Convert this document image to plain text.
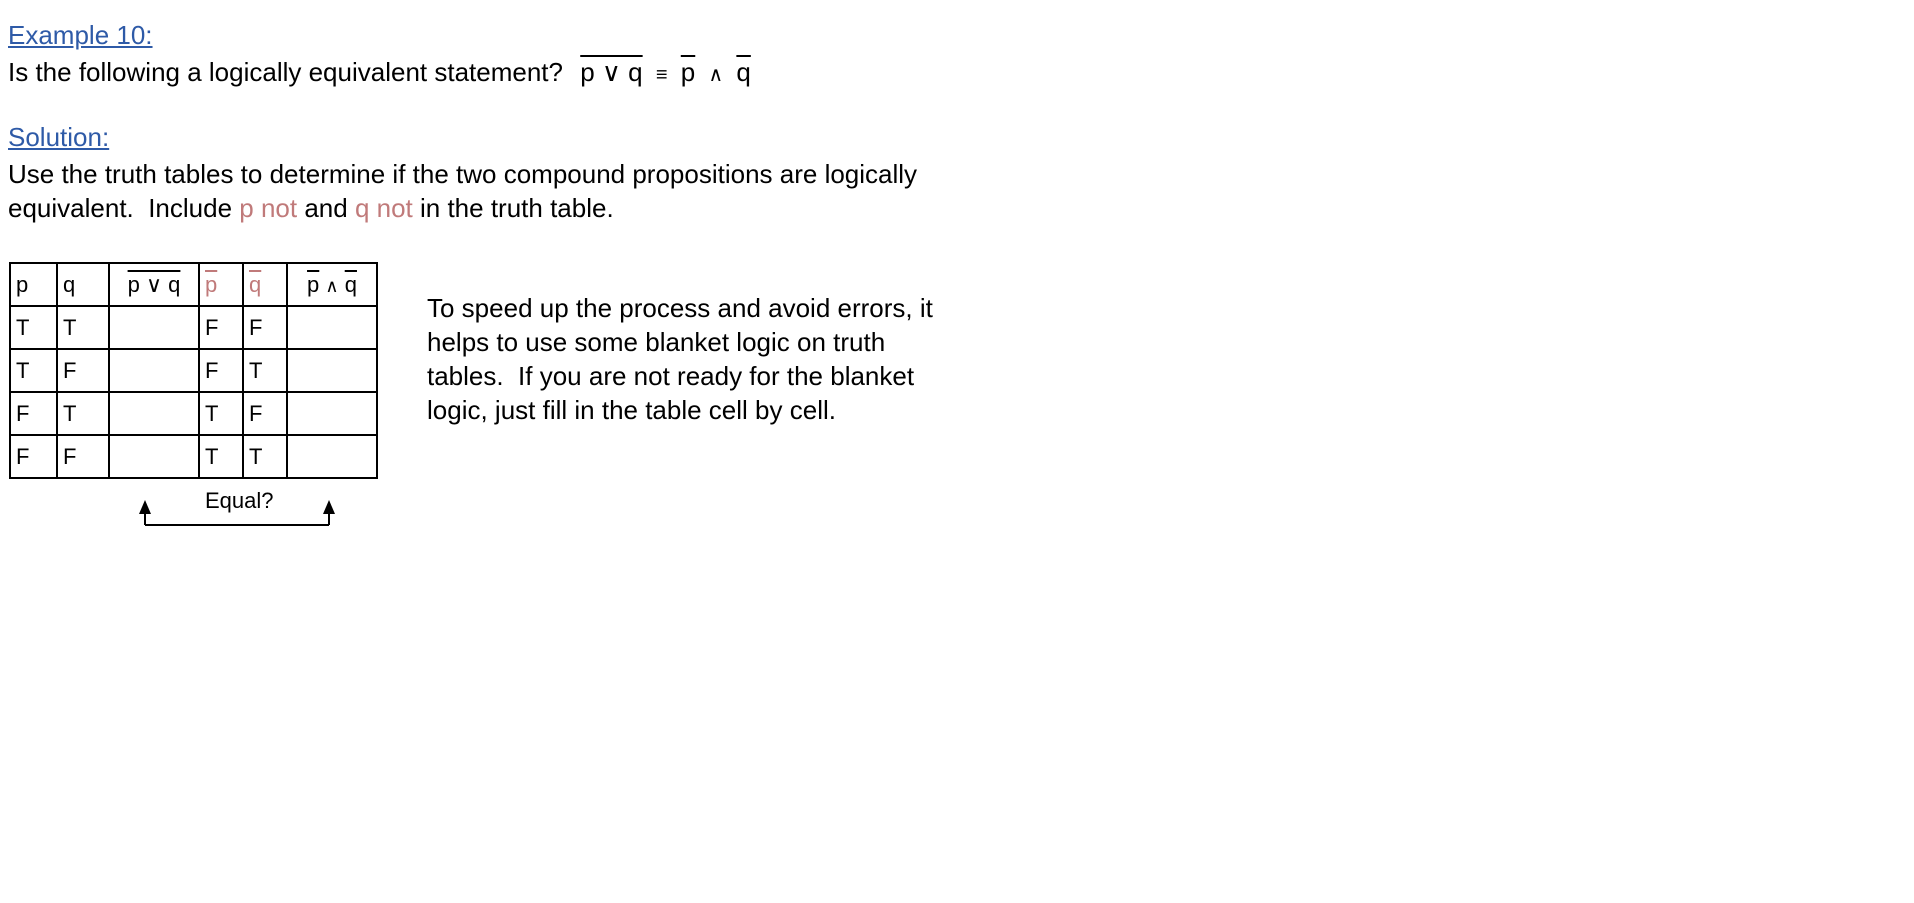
Example 10:
Is the following a logically equivalent statement? p ∨ $q \equiv \overline{p}$ ∧ $\overline{q}$
Solution:
Use the truth tables to determine if the two compound propositions are logically
equivalent.  Include p not and q not in the truth table.
p	q	p ∨ q	$\overline{p}$	$\overline{q}$	$\overline{p}$ ∧ $\overline{q}$
T	T		F	F	
T	F		F	T	
F	T		T	F	
F	F		T	T	
Equal?
To speed up the process and avoid errors, it
helps to use some blanket logic on truth
tables.  If you are not ready for the blanket
logic, just fill in the table cell by cell.
